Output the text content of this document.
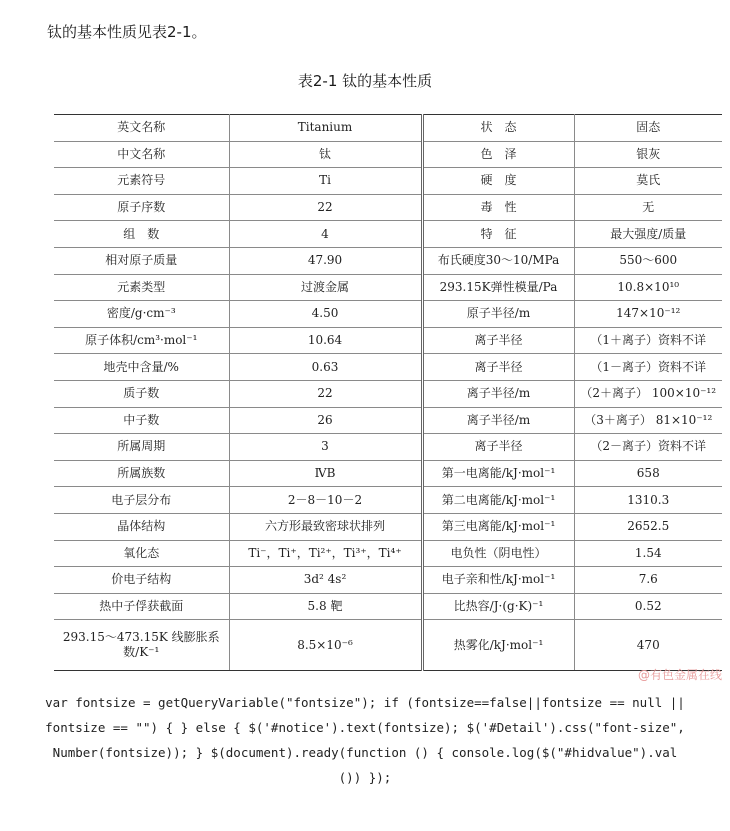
钛的基本性质见表2-1。
表2-1 钛的基本性质
英文名称	Titanium	状　态	固态
中文名称	钛	色　泽	银灰
元素符号	Ti	硬　度	莫氏
原子序数	22	毒　性	无
组　数	4	特　征	最大强度/质量
相对原子质量	47.90	布氏硬度30～10/MPa	550～600
元素类型	过渡金属	293.15K弹性模量/Pa	10.8×10¹⁰
密度/g·cm⁻³	4.50	原子半径/m	147×10⁻¹²
原子体积/cm³·mol⁻¹	10.64	离子半径	（1＋离子）资料不详
地壳中含量/%	0.63	离子半径	（1－离子）资料不详
质子数	22	离子半径/m	（2＋离子） 100×10⁻¹²
中子数	26	离子半径/m	（3＋离子） 81×10⁻¹²
所属周期	3	离子半径	（2－离子）资料不详
所属族数	ⅣB	第一电离能/kJ·mol⁻¹	658
电子层分布	2－8－10－2	第二电离能/kJ·mol⁻¹	1310.3
晶体结构	六方形最致密球状排列	第三电离能/kJ·mol⁻¹	2652.5
氧化态	Ti⁻，Ti⁺，Ti²⁺，Ti³⁺，Ti⁴⁺	电负性（阴电性）	1.54
价电子结构	3d² 4s²	电子亲和性/kJ·mol⁻¹	7.6
热中子俘获截面	5.8 靶	比热容/J·(g·K)⁻¹	0.52
293.15～473.15K 线膨胀系数/K⁻¹	8.5×10⁻⁶	热雾化/kJ·mol⁻¹	470
@有色金属在线
var fontsize = getQueryVariable("fontsize"); if (fontsize==false||fontsize == null ||
fontsize == "") { } else { $('#notice').text(fontsize); $('#Detail').css("font-size",
Number(fontsize)); } $(document).ready(function () { console.log($("#hidvalue").val
()) });
